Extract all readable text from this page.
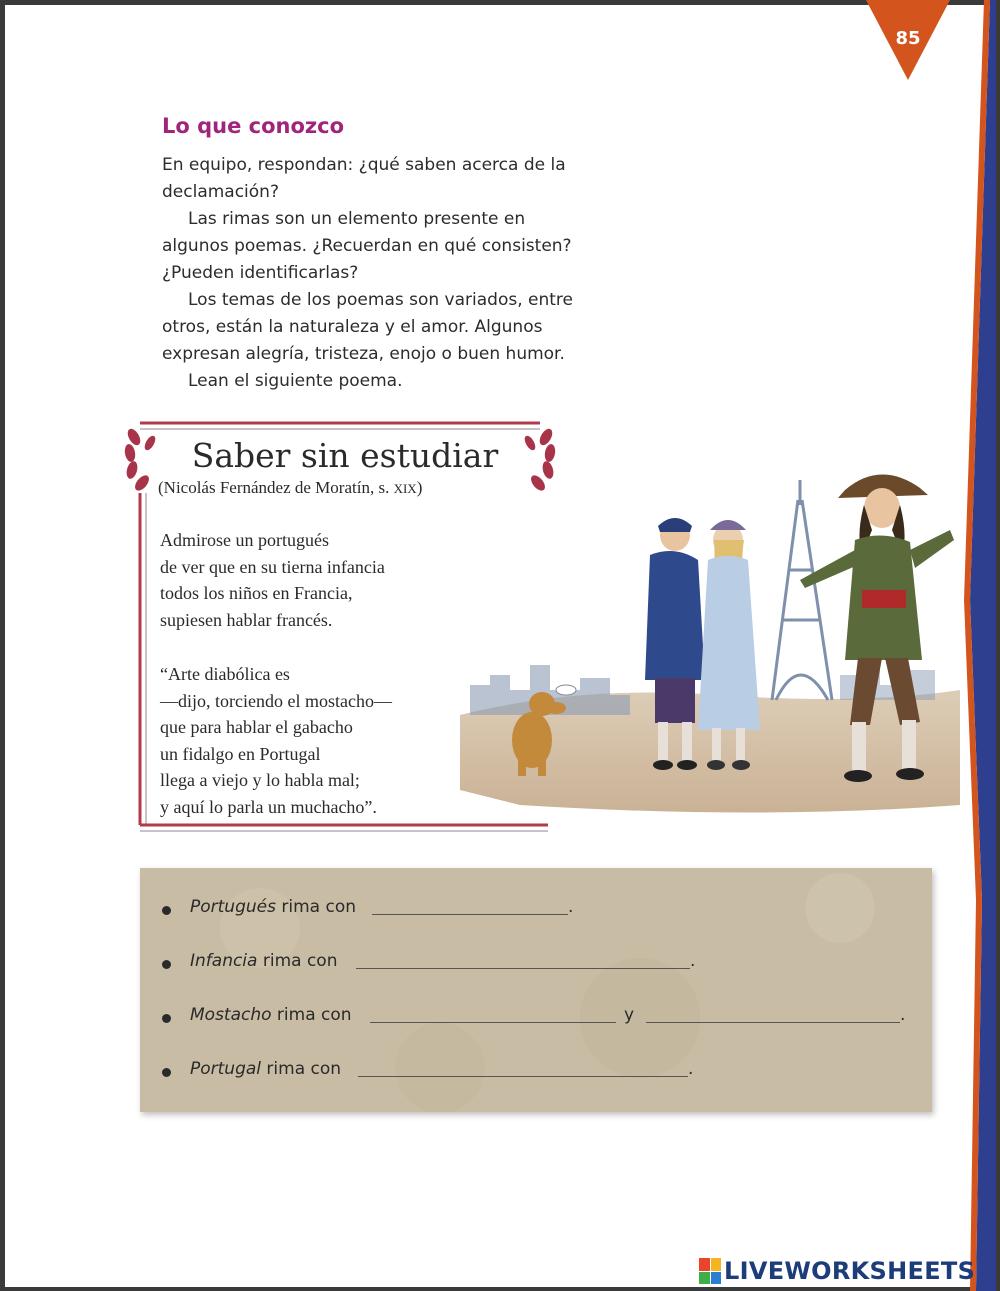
85
Lo que conozco

En equipo, respondan: ¿qué saben acerca de la

declamación?

Las rimas son un elemento presente en

algunos poemas. ¿Recuerdan en qué consisten?

¿Pueden identificarlas?

Los temas de los poemas son variados, entre

otros, están la naturaleza y el amor. Algunos

expresan alegría, tristeza, enojo o buen humor.

Lean el siguiente poema.

Saber sin estudiar
(Nicolás Fernández de Moratín, s. XIX)
Admirose un portugués
de ver que en su tierna infancia
todos los niños en Francia,
supiesen hablar francés.
“Arte diabólica es
—dijo, torciendo el mostacho—
que para hablar el gabacho
un fidalgo en Portugal
llega a viejo y lo habla mal;
y aquí lo parla un muchacho”.
Portugués rima con	.
Infancia rima con	.
Mostacho rima con	y	.
Portugal rima con	.
LIVEWORKSHEETS
